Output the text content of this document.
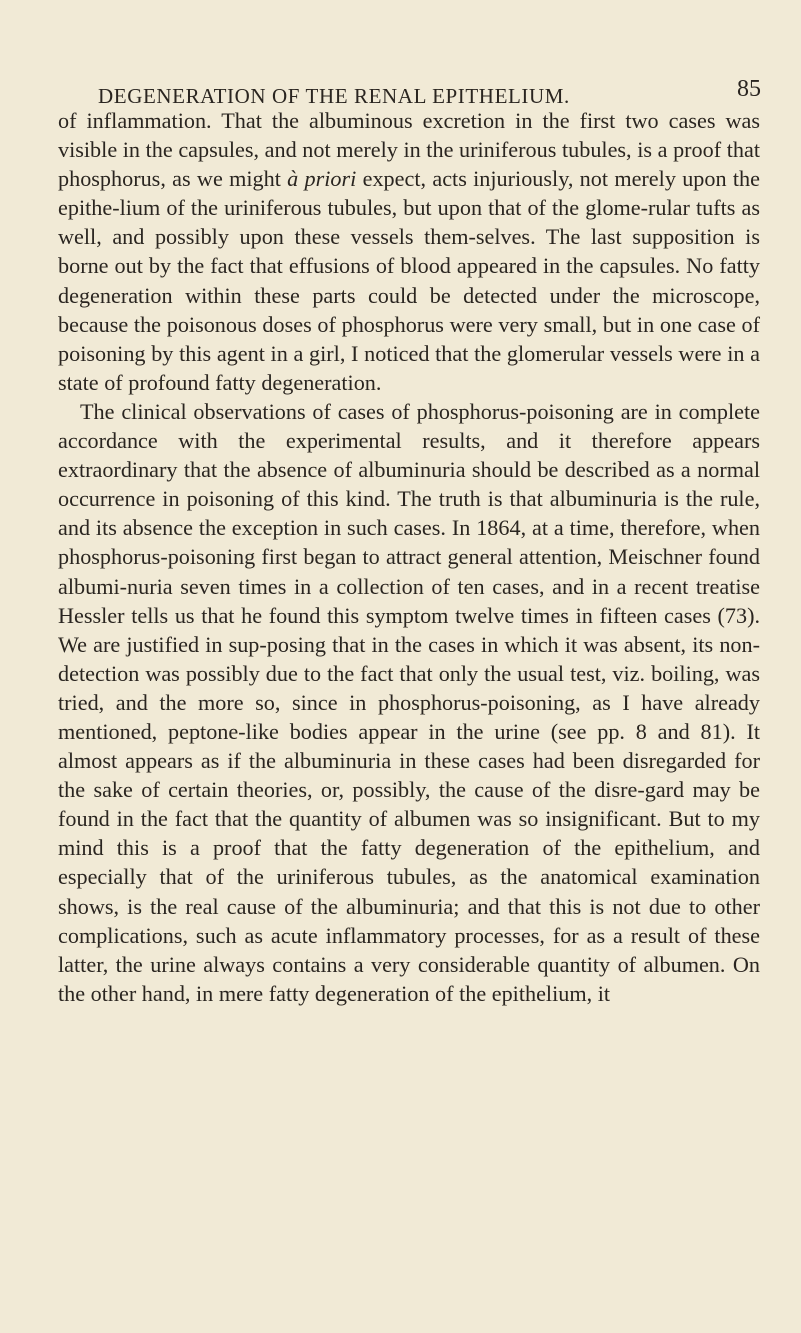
DEGENERATION OF THE RENAL EPITHELIUM.	85

of inflammation. That the albuminous excretion in the first two cases was visible in the capsules, and not merely in the uriniferous tubules, is a proof that phosphorus, as we might à priori expect, acts injuriously, not merely upon the epithe-lium of the uriniferous tubules, but upon that of the glome-rular tufts as well, and possibly upon these vessels them-selves. The last supposition is borne out by the fact that effusions of blood appeared in the capsules. No fatty degeneration within these parts could be detected under the microscope, because the poisonous doses of phosphorus were very small, but in one case of poisoning by this agent in a girl, I noticed that the glomerular vessels were in a state of profound fatty degeneration.

The clinical observations of cases of phosphorus-poisoning are in complete accordance with the experimental results, and it therefore appears extraordinary that the absence of albuminuria should be described as a normal occurrence in poisoning of this kind. The truth is that albuminuria is the rule, and its absence the exception in such cases. In 1864, at a time, therefore, when phosphorus-poisoning first began to attract general attention, Meischner found albumi-nuria seven times in a collection of ten cases, and in a recent treatise Hessler tells us that he found this symptom twelve times in fifteen cases (73). We are justified in sup-posing that in the cases in which it was absent, its non-detection was possibly due to the fact that only the usual test, viz. boiling, was tried, and the more so, since in phosphorus-poisoning, as I have already mentioned, peptone-like bodies appear in the urine (see pp. 8 and 81). It almost appears as if the albuminuria in these cases had been disregarded for the sake of certain theories, or, possibly, the cause of the disre-gard may be found in the fact that the quantity of albumen was so insignificant. But to my mind this is a proof that the fatty degeneration of the epithelium, and especially that of the uriniferous tubules, as the anatomical examination shows, is the real cause of the albuminuria; and that this is not due to other complications, such as acute inflammatory processes, for as a result of these latter, the urine always contains a very considerable quantity of albumen. On the other hand, in mere fatty degeneration of the epithelium, it
